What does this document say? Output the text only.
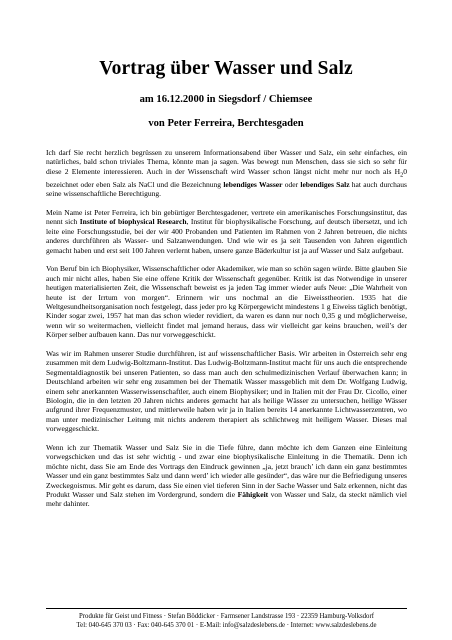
Vortrag über Wasser und Salz
am 16.12.2000 in Siegsdorf / Chiemsee
von Peter Ferreira, Berchtesgaden

Ich darf Sie recht herzlich begrüssen zu unserem Informationsabend über Wasser und Salz, ein sehr einfaches, ein natürliches, bald schon triviales Thema, könnte man ja sagen. Was bewegt nun Menschen, dass sie sich so sehr für diese 2 Elemente interessieren. Auch in der Wissenschaft wird Wasser schon längst nicht mehr nur noch als $H_20$ bezeichnet oder eben Salz als NaCl und die Bezeichnung lebendiges Wasser oder lebendiges Salz hat auch durchaus seine wissenschaftliche Berechtigung.

Mein Name ist Peter Ferreira, ich bin gebürtiger Berchtesgadener, vertrete ein amerikanisches Forschungsinstitut, das nennt sich Institute of biophysical Research, Institut für biophysikalische Forschung, auf deutsch übersetzt, und ich leite eine Forschungsstudie, bei der wir 400 Probanden und Patienten im Rahmen von 2 Jahren betreuen, die nichts anderes durchführen als Wasser- und Salzanwendungen. Und wie wir es ja seit Tausenden von Jahren eigentlich gemacht haben und erst seit 100 Jahren verlernt haben, unsere ganze Bäderkultur ist ja auf Wasser und Salz aufgebaut.

Von Beruf bin ich Biophysiker, Wissenschaftlicher oder Akademiker, wie man so schön sagen würde. Bitte glauben Sie auch mir nicht alles, haben Sie eine offene Kritik der Wissenschaft gegenüber. Kritik ist das Notwendige in unserer heutigen materialisierten Zeit, die Wissenschaft beweist es ja jeden Tag immer wieder aufs Neue: „Die Wahrheit von heute ist der Irrtum von morgen“. Erinnern wir uns nochmal an die Eiweisstheorien. 1935 hat die Weltgesundheitsorganisation noch festgelegt, dass jeder pro kg Körpergewicht mindestens 1 g Eiweiss täglich benötigt, Kinder sogar zwei, 1957 hat man das schon wieder revidiert, da waren es dann nur noch 0,35 g und möglicherweise, wenn wir so weitermachen, vielleicht findet mal jemand heraus, dass wir vielleicht gar keins brauchen, weil’s der Körper selber aufbauen kann. Das nur vorweggeschickt.

Was wir im Rahmen unserer Studie durchführen, ist auf wissenschaftlicher Basis. Wir arbeiten in Österreich sehr eng zusammen mit dem Ludwig-Boltzmann-Institut. Das Ludwig-Boltzmann-Institut macht für uns auch die entsprechende Segmentaldiagnostik bei unseren Patienten, so dass man auch den schulmedizinischen Verlauf überwachen kann; in Deutschland arbeiten wir sehr eng zusammen bei der Thematik Wasser massgeblich mit dem Dr. Wolfgang Ludwig, einem sehr anerkannten Wasserwissenschaftler, auch einem Biophysiker; und in Italien mit der Frau Dr. Cicollo, einer Biologin, die in den letzten 20 Jahren nichts anderes gemacht hat als heilige Wässer zu untersuchen, heilige Wässer aufgrund ihrer Frequenzmuster, und mittlerweile haben wir ja in Italien bereits 14 anerkannte Lichtwasserzentren, wo man unter medizinischer Leitung mit nichts anderem therapiert als schlichtweg mit heiligem Wasser. Dieses mal vorweggeschickt.

Wenn ich zur Thematik Wasser und Salz Sie in die Tiefe führe, dann möchte ich dem Ganzen eine Einleitung vorwegschicken und das ist sehr wichtig - und zwar eine biophysikalische Einleitung in die Thematik. Denn ich möchte nicht, dass Sie am Ende des Vortrags den Eindruck gewinnen „ja, jetzt brauch’ ich dann ein ganz bestimmtes Wasser und ein ganz bestimmtes Salz und dann werd’ ich wieder alle gesünder“, das wäre nur die Befriedigung unseres Zweckegoismus. Mir geht es darum, dass Sie einen viel tieferen Sinn in der Sache Wasser und Salz erkennen, nicht das Produkt Wasser und Salz stehen im Vordergrund, sondern die Fähigkeit von Wasser und Salz, da steckt nämlich viel mehr dahinter.

Produkte für Geist und Fitness · Stefan Böddicker · Farmsener Landstrasse 193 · 22359 Hamburg-Volksdorf
Tel: 040-645 370 03 · Fax: 040-645 370 01 · E-Mail: info@salzdeslebens.de · Internet: www.salzdeslebens.de
